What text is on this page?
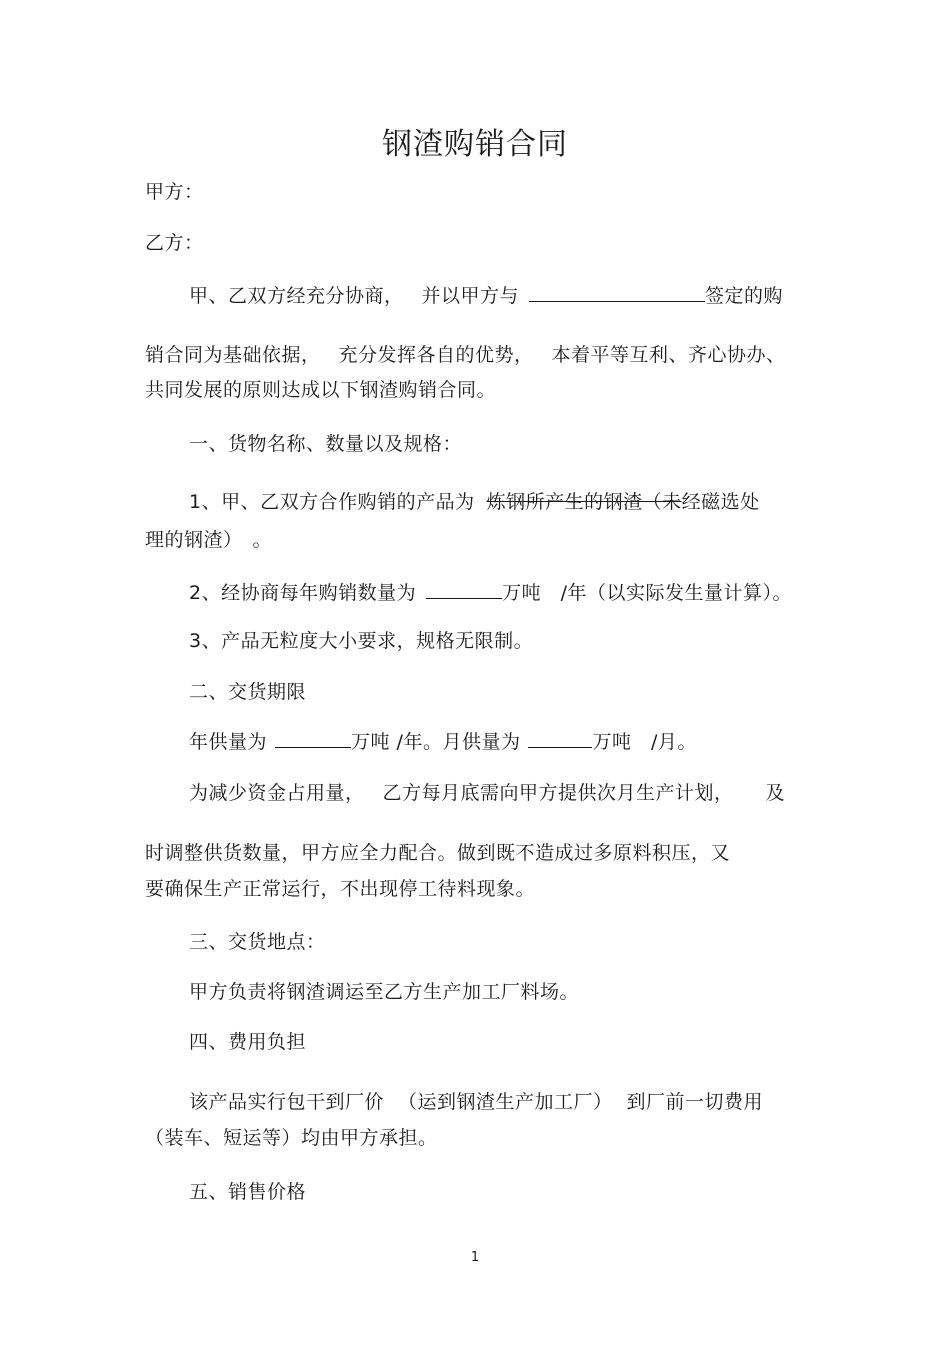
钢渣购销合同
甲方：
乙方：
甲、乙双方经充分协商， 并以甲方与	签定的购
销合同为基础依据， 充分发挥各自的优势， 本着平等互利、齐心协办、
共同发展的原则达成以下钢渣购销合同。
一、货物名称、数量以及规格：
1、甲、乙双方合作购销的产品为 炼钢所产生的钢渣（未经磁选处
理的钢渣）　。
2、经协商每年购销数量为	万吨　/年（以实际发生量计算）。
3、产品无粒度大小要求，规格无限制。
二、交货期限
年供量为	万吨 /年。月供量为	万吨　/月。
为减少资金占用量， 乙方每月底需向甲方提供次月生产计划， 及
时调整供货数量，甲方应全力配合。做到既不造成过多原料积压，又
要确保生产正常运行，不出现停工待料现象。
三、交货地点：
甲方负责将钢渣调运至乙方生产加工厂料场。
四、费用负担
该产品实行包干到厂价 （运到钢渣生产加工厂） 到厂前一切费用
（装车、短运等）均由甲方承担。
五、销售价格
1
